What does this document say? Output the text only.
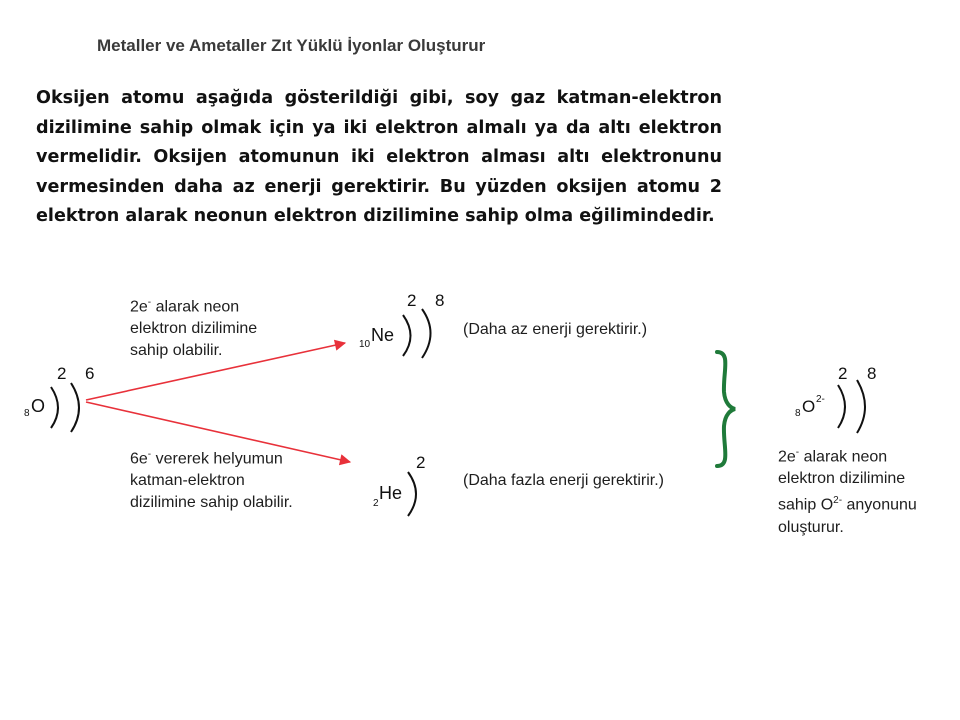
Metaller ve Ametaller Zıt Yüklü İyonlar Oluşturur

Oksijen atomu aşağıda gösterildiği gibi, soy gaz katman-elektron dizilimine sahip olmak için ya iki elektron almalı ya da altı elektron vermelidir. Oksijen atomunun iki elektron alması altı elektronunu vermesinden daha az enerji gerektirir. Bu yüzden oksijen atomu 2 elektron alarak neonun elektron dizilimine sahip olma eğilimindedir.

2e- alarak neon
elektron dizilimine
sahip olabilir.
6e- vererek helyumun
katman-elektron
dizilimine sahip olabilir.
(Daha az enerji gerektirir.)
(Daha fazla enerji gerektirir.)
2e- alarak neon
elektron dizilimine
sahip $O^{2-}$ anyonunu
oluşturur.
8 O
2 6
10 Ne
2 8
2
He
2
8 O 2-
2 8
